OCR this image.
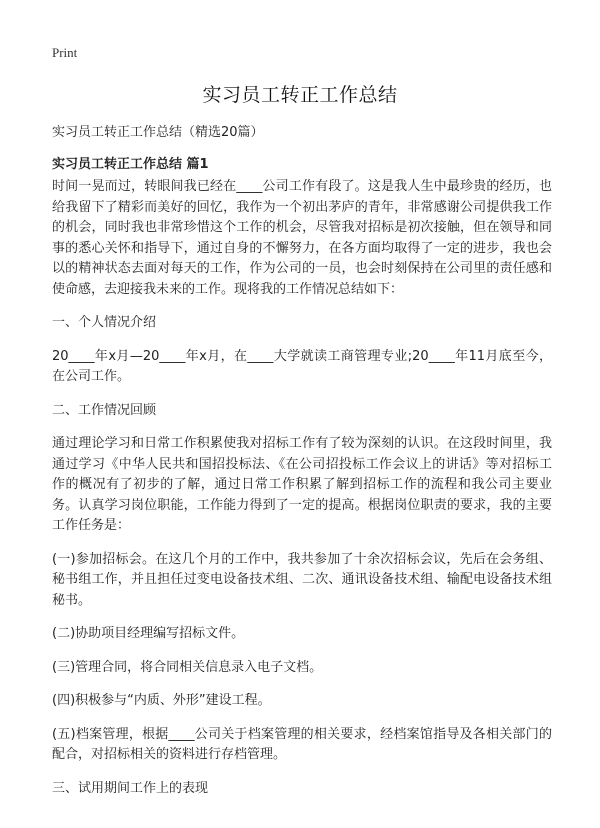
Print

实习员工转正工作总结

实习员工转正工作总结（精选20篇）

实习员工转正工作总结 篇1

时间一晃而过，转眼间我已经在____公司工作有段了。这是我人生中最珍贵的经历，也给我留下了精彩而美好的回忆，我作为一个初出茅庐的青年，非常感谢公司提供我工作的机会，同时我也非常珍惜这个工作的机会，尽管我对招标是初次接触，但在领导和同事的悉心关怀和指导下，通过自身的不懈努力，在各方面均取得了一定的进步，我也会以的精神状态去面对每天的工作，作为公司的一员，也会时刻保持在公司里的责任感和使命感，去迎接我未来的工作。现将我的工作情况总结如下：

一、个人情况介绍

20____年x月—20____年x月，在____大学就读工商管理专业;20____年11月底至今，在公司工作。

二、工作情况回顾

通过理论学习和日常工作积累使我对招标工作有了较为深刻的认识。在这段时间里，我通过学习《中华人民共和国招投标法、《在公司招投标工作会议上的讲话》等对招标工作的概况有了初步的了解，通过日常工作积累了解到招标工作的流程和我公司主要业务。认真学习岗位职能，工作能力得到了一定的提高。根据岗位职责的要求，我的主要工作任务是：

(一)参加招标会。在这几个月的工作中，我共参加了十余次招标会议，先后在会务组、秘书组工作，并且担任过变电设备技术组、二次、通讯设备技术组、输配电设备技术组秘书。

(二)协助项目经理编写招标文件。

(三)管理合同，将合同相关信息录入电子文档。

(四)积极参与“内质、外形”建设工程。

(五)档案管理，根据____公司关于档案管理的相关要求，经档案馆指导及各相关部门的配合，对招标相关的资料进行存档管理。

三、试用期间工作上的表现
